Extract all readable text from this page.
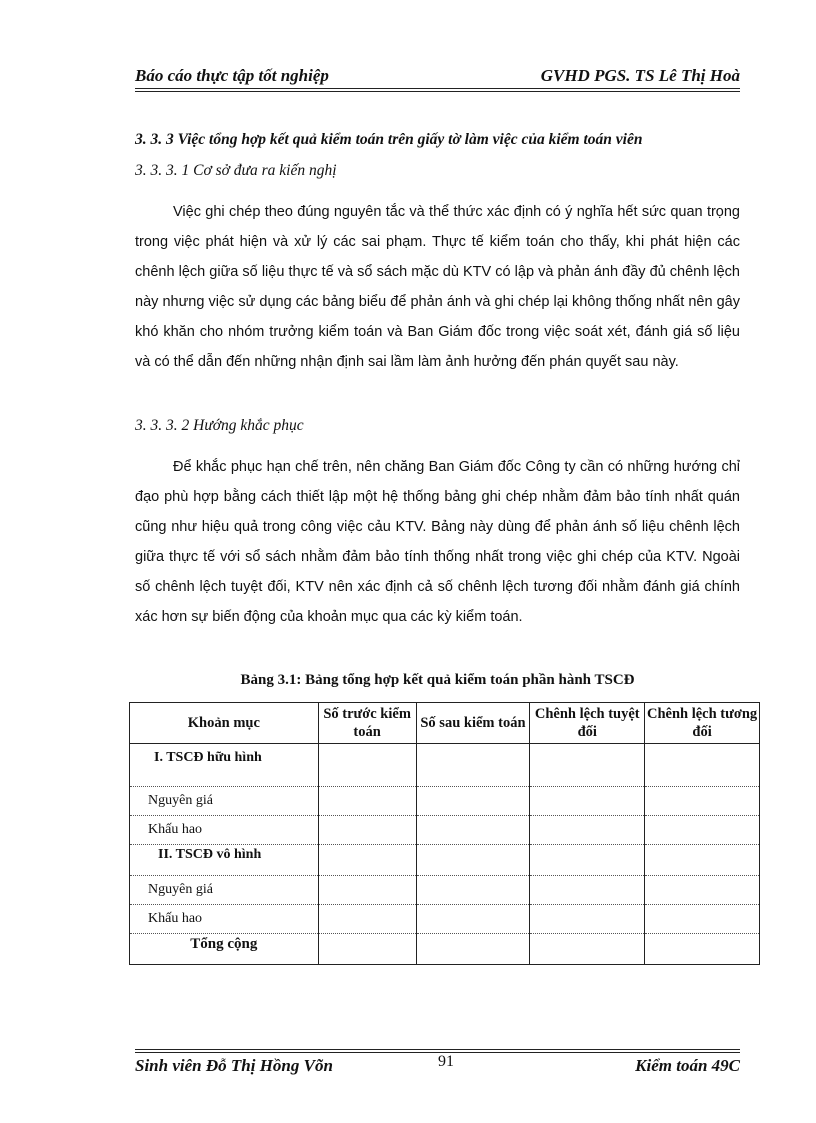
Báo cáo thực tập tốt nghiệp	GVHD PGS. TS Lê Thị Hoà
3. 3. 3 Việc tổng hợp kết quả kiểm toán trên giấy tờ làm việc của kiểm toán viên
3. 3. 3. 1 Cơ sở đưa ra kiến nghị

Việc ghi chép theo đúng nguyên tắc và thể thức xác định có ý nghĩa hết sức quan trọng trong việc phát hiện và xử lý các sai phạm. Thực tế kiểm toán cho thấy, khi phát hiện các chênh lệch giữa số liệu thực tế và sổ sách mặc dù KTV có lập và phản ánh đầy đủ chênh lệch này nhưng việc sử dụng các bảng biểu để phản ánh và ghi chép lại không thống nhất nên gây khó khăn cho nhóm trưởng kiểm toán và Ban Giám đốc trong việc soát xét, đánh giá số liệu và có thể dẫn đến những nhận định sai lầm làm ảnh hưởng đến phán quyết sau này.

3. 3. 3. 2 Hướng khắc phục

Để khắc phục hạn chế trên, nên chăng Ban Giám đốc Công ty cần có những hướng chỉ đạo phù hợp bằng cách thiết lập một hệ thống bảng ghi chép nhằm đảm bảo tính nhất quán cũng như hiệu quả trong công việc cảu KTV. Bảng này dùng để phản ánh số liệu chênh lệch giữa thực tế với sổ sách nhằm đảm bảo tính thống nhất trong việc ghi chép của KTV. Ngoài số chênh lệch tuyệt đối, KTV nên xác định cả số chênh lệch tương đối nhằm đánh giá chính xác hơn sự biến động của khoản mục qua các kỳ kiểm toán.

Bảng 3.1: Bảng tổng hợp kết quả kiểm toán phần hành TSCĐ
Khoản mục	Số trước kiểm toán	Số sau kiểm toán	Chênh lệch tuyệt đối	Chênh lệch tương đối
I. TSCĐ hữu hình				
Nguyên giá				
Khấu hao				
II. TSCĐ vô hình				
Nguyên giá				
Khấu hao				
Tổng cộng				
Sinh viên Đỗ Thị Hồng Võn	91	Kiểm toán 49C
